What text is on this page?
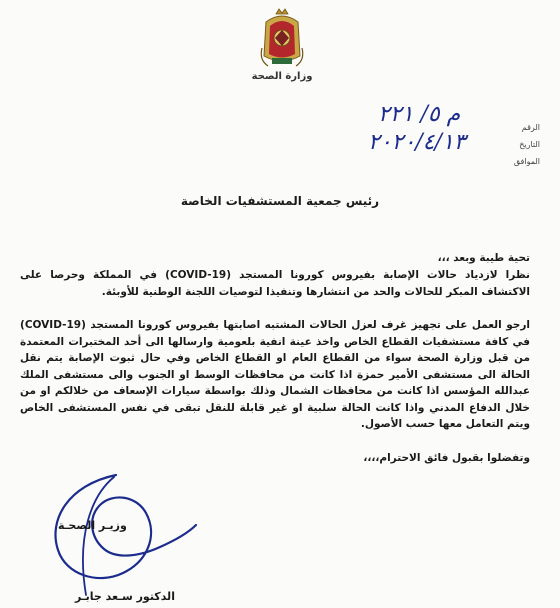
وزارة الصحة
الرقم
التاريخ
الموافق
م ٥/ ٢٢١
٢٠٢٠/٤/١٣
رئيس جمعية المستشفيات الخاصة
تحية طيبة وبعد ،،،
نظرا لازدياد حالات الإصابة بفيروس كورونا المستجد (COVID-19) في المملكة وحرصا على الاكتشاف المبكر للحالات والحد من انتشارها وتنفيذا لتوصيات اللجنة الوطنية للأوبئة.
ارجو العمل على تجهيز غرف لعزل الحالات المشتبه اصابتها بفيروس كورونا المستجد (COVID-19) في كافة مستشفيات القطاع الخاص واخذ عينة انفية بلعومية وارسالها الى أحد المختبرات المعتمدة من قبل وزارة الصحة سواء من القطاع العام او القطاع الخاص وفي حال ثبوت الإصابة يتم نقل الحالة الى مستشفى الأمير حمزة اذا كانت من محافظات الوسط او الجنوب والى مستشفى الملك عبدالله المؤسس اذا كانت من محافظات الشمال وذلك بواسطة سيارات الإسعاف من خلالكم او من خلال الدفاع المدني واذا كانت الحالة سلبية او غير قابلة للنقل تبقى في نفس المستشفى الخاص ويتم التعامل معها حسب الأصول.
وتفضلوا بقبول فائق الاحترام،،،،
وزيـر الصحـة
الدكتور سـعد جابـر
